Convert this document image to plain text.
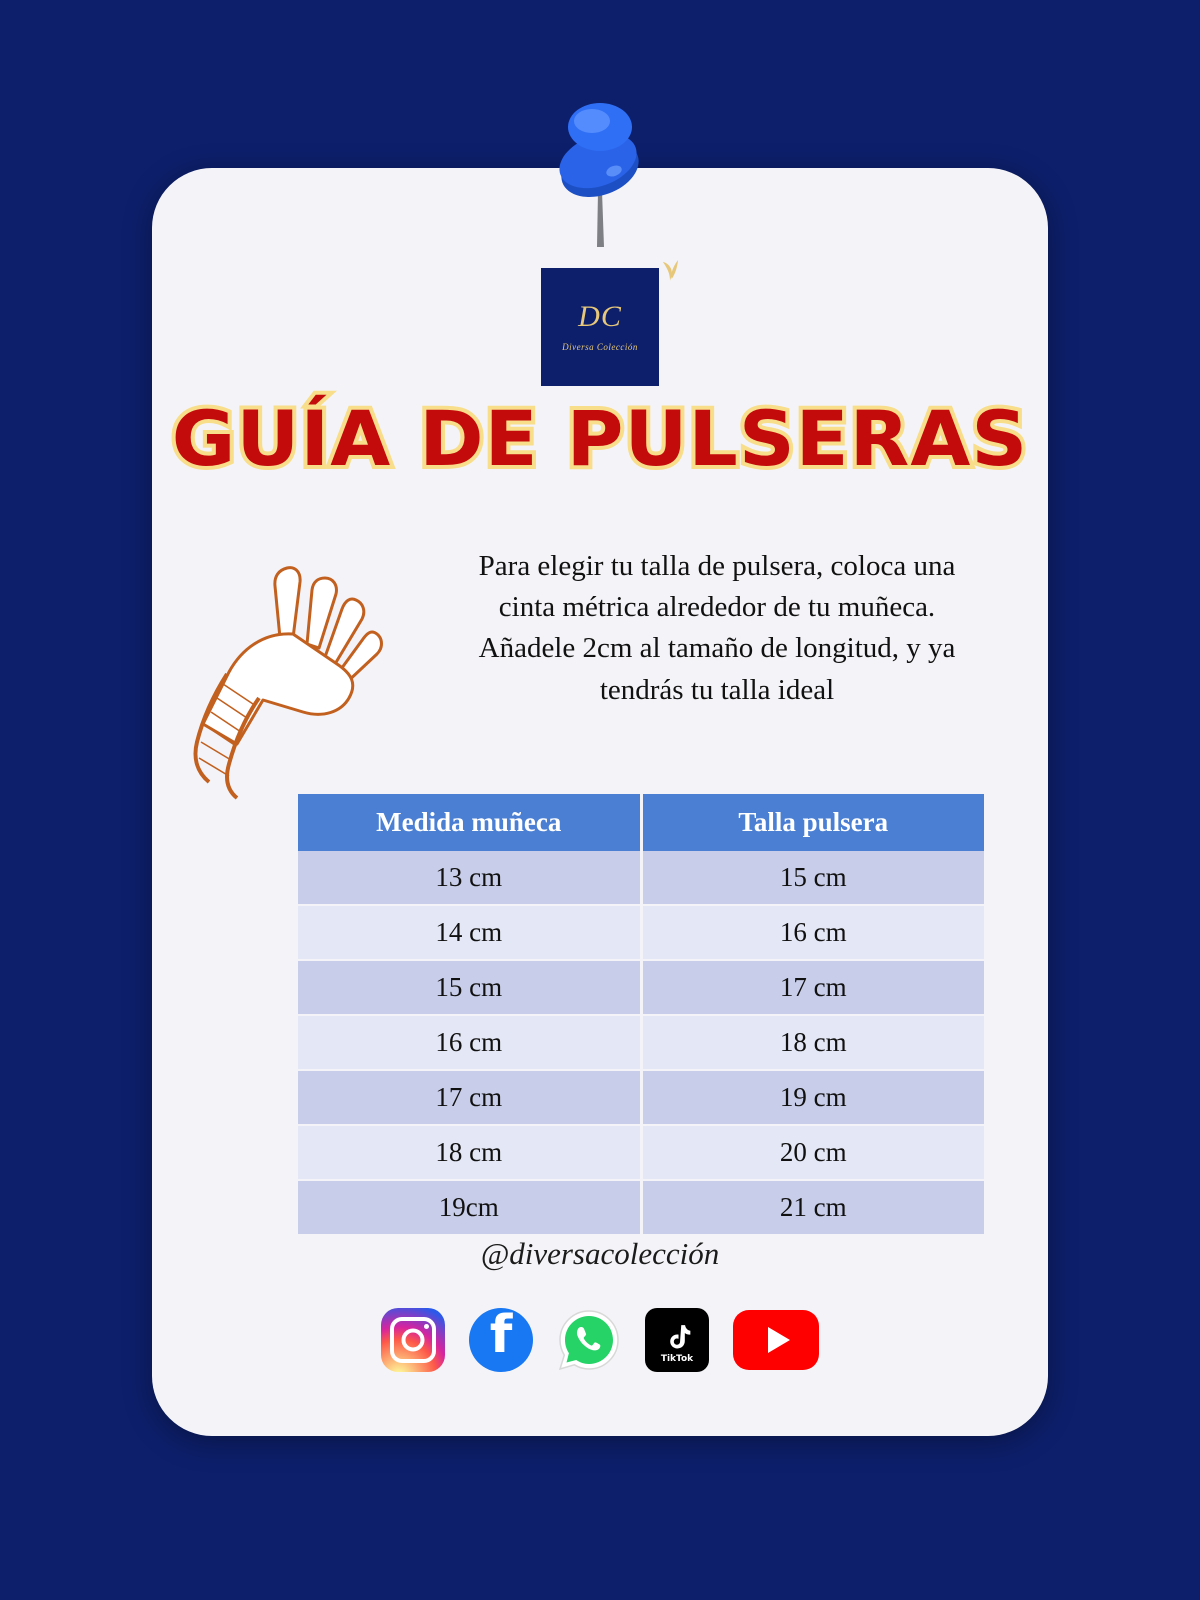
DC
Diversa Colección
GUÍA DE PULSERAS
Para elegir tu talla de pulsera, coloca una
cinta métrica alrededor de tu muñeca.
Añadele 2cm al tamaño de longitud, y ya
tendrás tu talla ideal
Medida muñeca	Talla pulsera
13 cm	15 cm
14 cm	16 cm
15 cm	17 cm
16 cm	18 cm
17 cm	19 cm
18 cm	20 cm
19cm	21 cm
@diversacolección
f	TikTok
